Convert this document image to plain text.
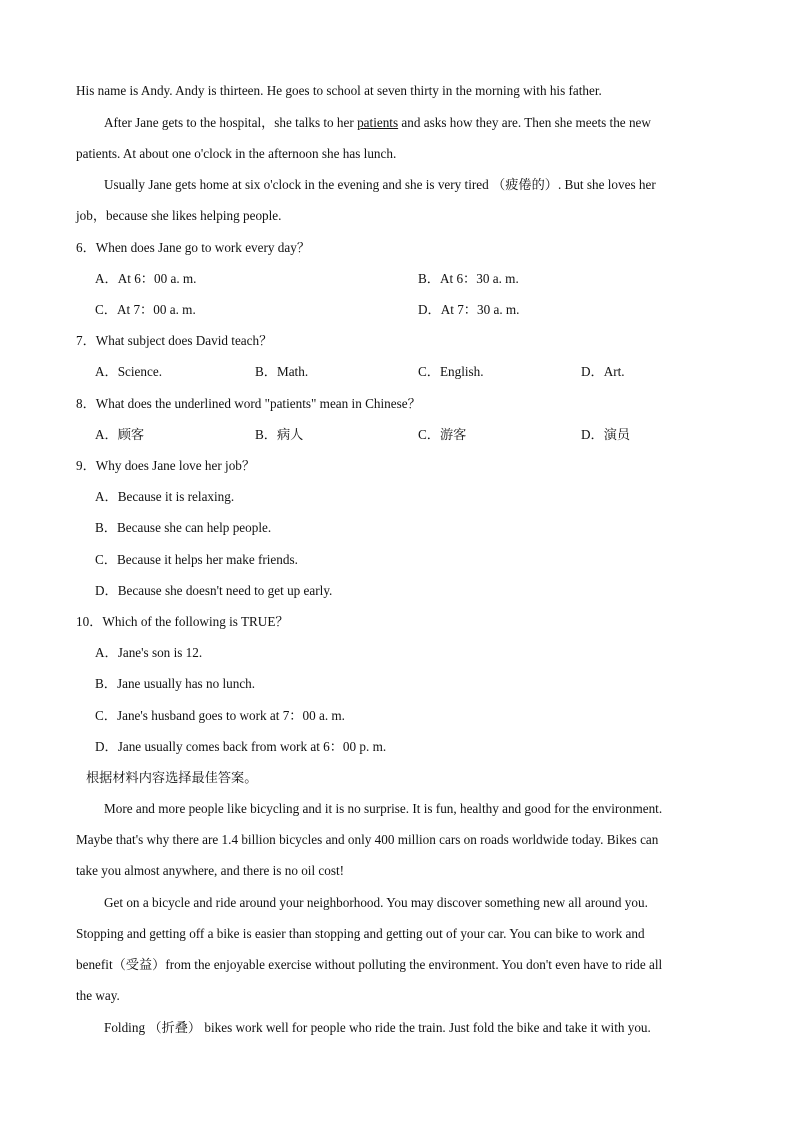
His name is Andy. Andy is thirteen. He goes to school at seven thirty in the morning with his father.
After Jane gets to the hospital，she talks to her patients and asks how they are. Then she meets the new
patients. At about one o'clock in the afternoon she has lunch.
Usually Jane gets home at six o'clock in the evening and she is very tired （疲倦的）. But she loves her
job，because she likes helping people.
6．When does Jane go to work every day？
A．At 6：00 a. m.	B．At 6：30 a. m.
C．At 7：00 a. m.	D．At 7：30 a. m.
7．What subject does David teach？
A．Science.	B．Math.	C．English.	D．Art.
8．What does the underlined word "patients" mean in Chinese？
A．顾客	B．病人	C．游客	D．演员
9．Why does Jane love her job？
A．Because it is relaxing.
B．Because she can help people.
C．Because it helps her make friends.
D．Because she doesn't need to get up early.
10．Which of the following is TRUE？
A．Jane's son is 12.
B．Jane usually has no lunch.
C．Jane's husband goes to work at 7：00 a. m.
D．Jane usually comes back from work at 6：00 p. m.
根据材料内容选择最佳答案。
More and more people like bicycling and it is no surprise. It is fun, healthy and good for the environment.
Maybe that's why there are 1.4 billion bicycles and only 400 million cars on roads worldwide today. Bikes can
take you almost anywhere, and there is no oil cost!
Get on a bicycle and ride around your neighborhood. You may discover something new all around you.
Stopping and getting off a bike is easier than stopping and getting out of your car. You can bike to work and
benefit（受益）from the enjoyable exercise without polluting the environment. You don't even have to ride all
the way.
Folding （折叠） bikes work well for people who ride the train. Just fold the bike and take it with you.
